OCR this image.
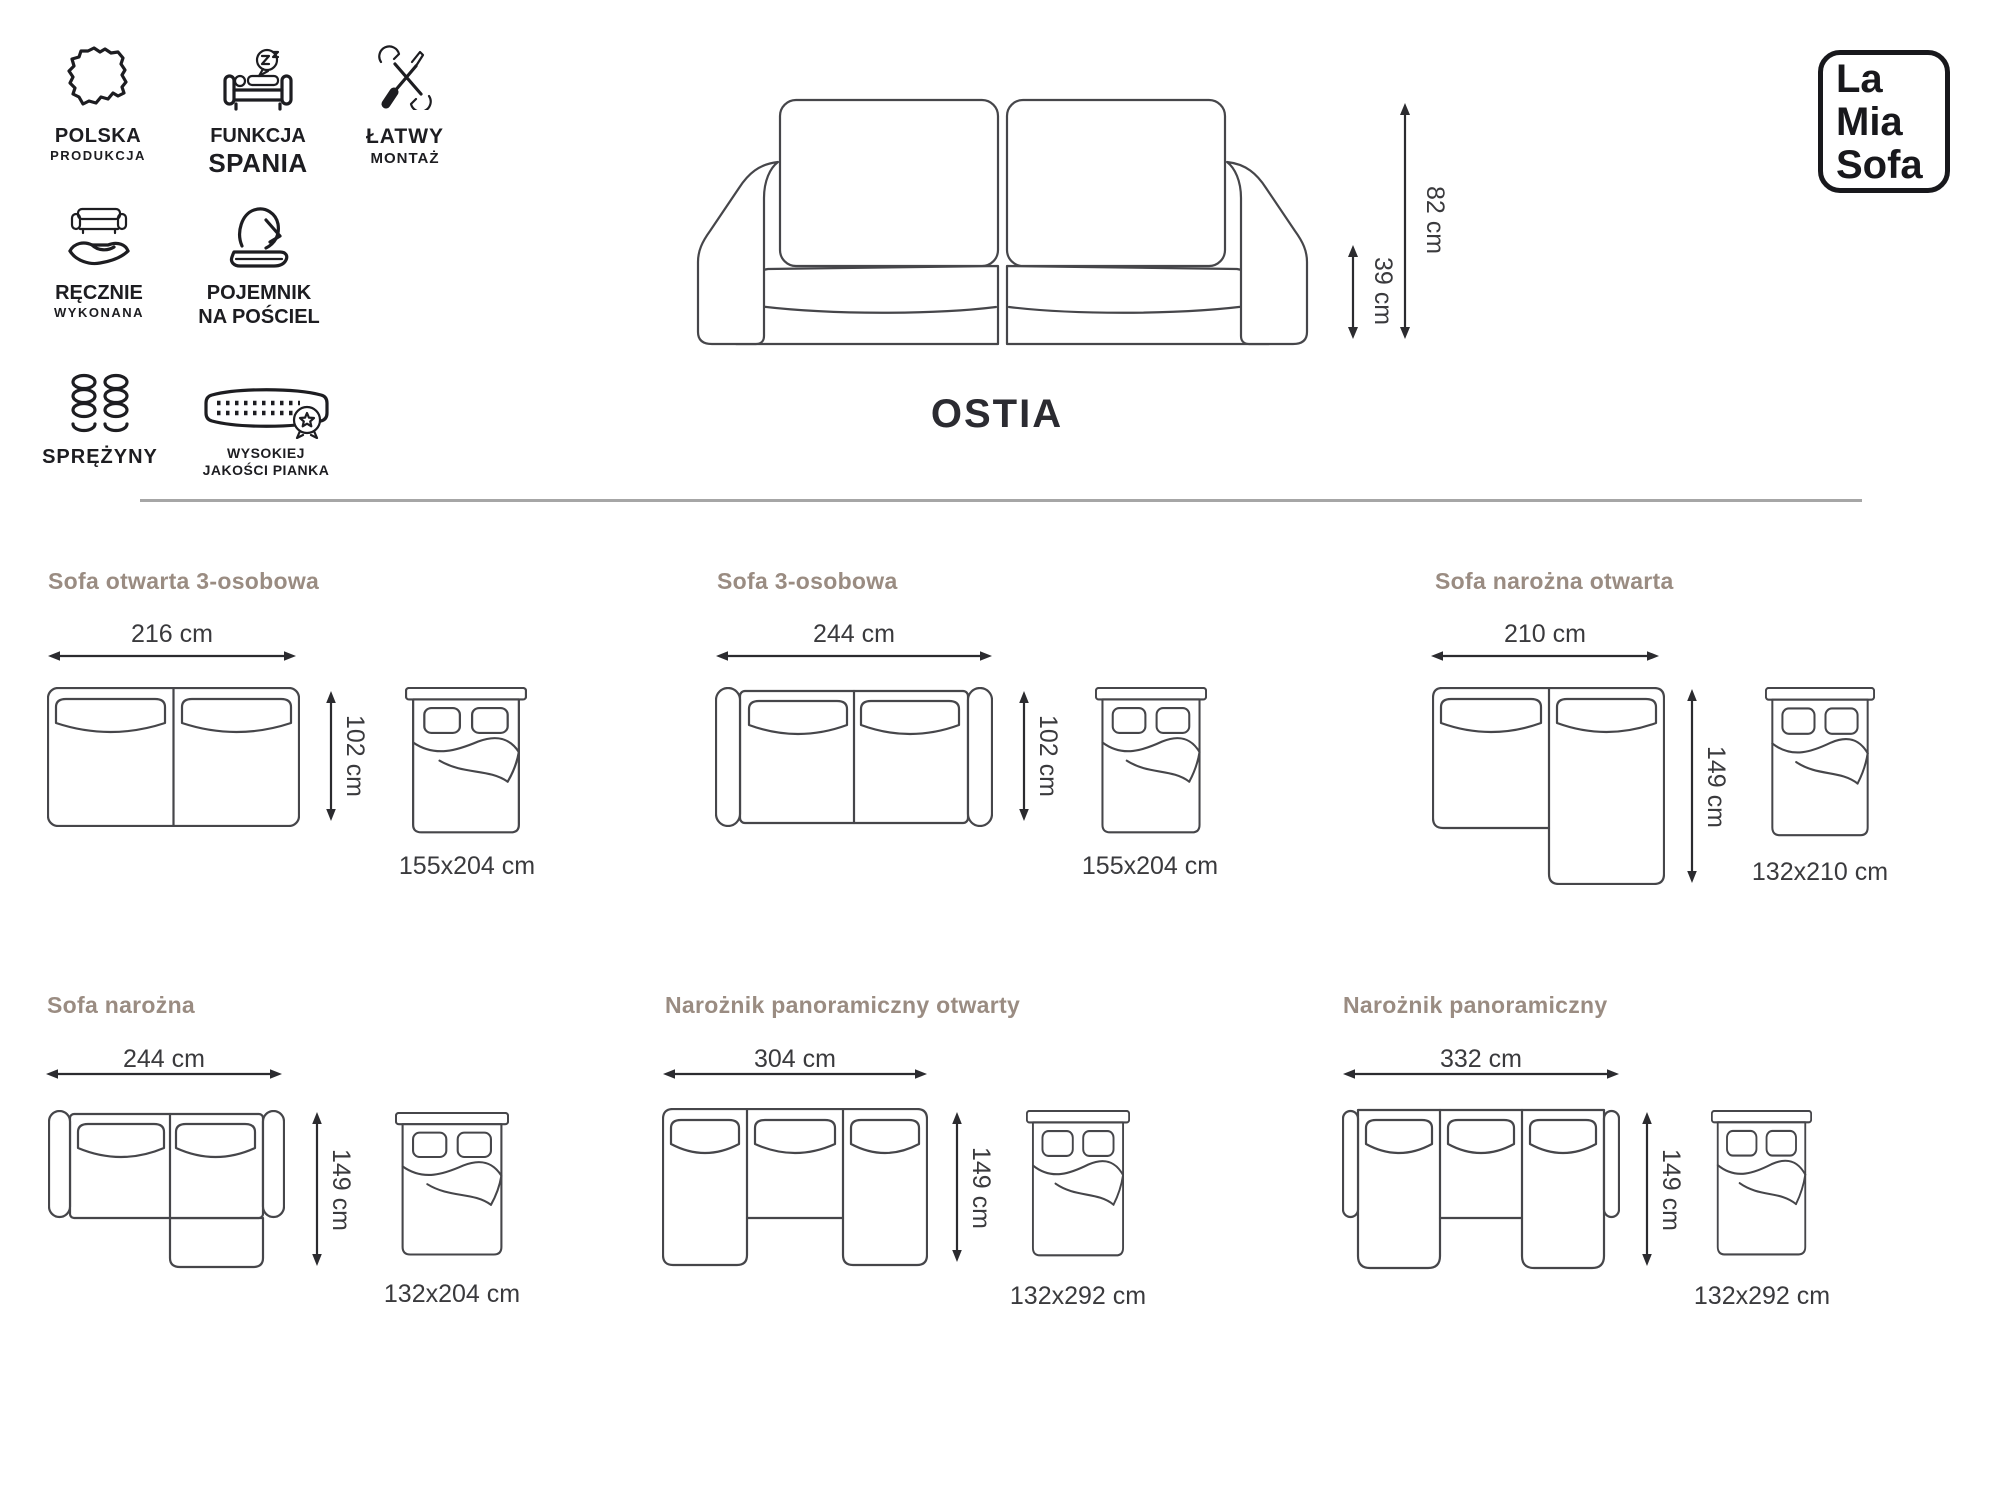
POLSKA
PRODUKCJA
FUNKCJA
SPANIA
ŁATWY
MONTAŻ
RĘCZNIE
WYKONANA
POJEMNIK
NA POŚCIEL
SPRĘŻYNY	WYSOKIEJ
JAKOŚCI PIANKA
82 cm
39 cm
OSTIA
La
Mia
Sofa
Sofa otwarta 3-osobowa
216 cm
102 cm
155x204 cm
Sofa 3-osobowa
244 cm
102 cm
155x204 cm
Sofa narożna otwarta
210 cm
149 cm
132x210 cm
Sofa narożna
244 cm
149 cm
132x204 cm
Narożnik panoramiczny otwarty
304 cm
149 cm
132x292 cm
Narożnik panoramiczny
332 cm
149 cm
132x292 cm
